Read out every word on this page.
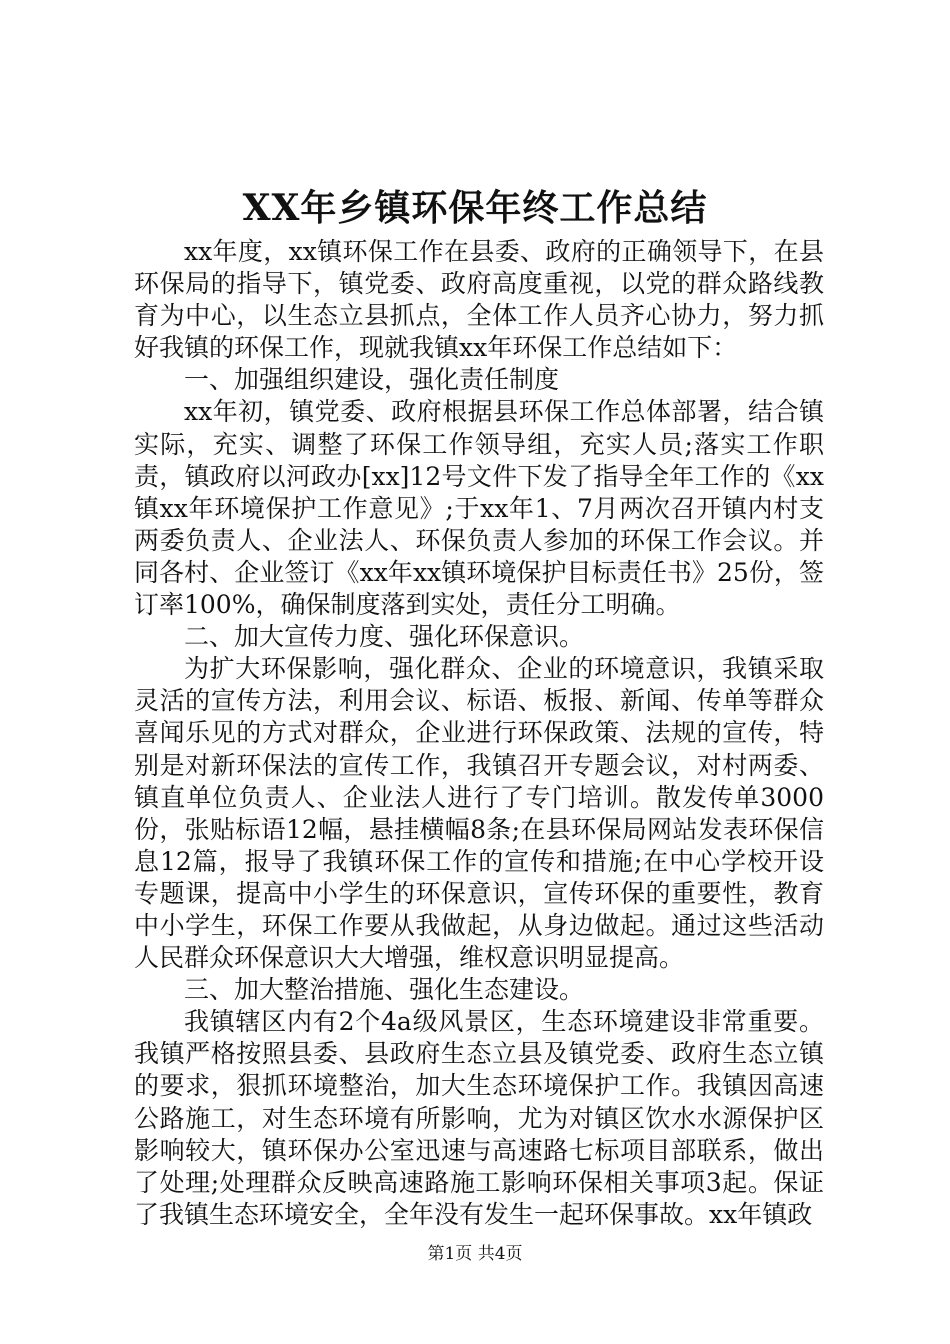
XX年乡镇环保年终工作总结

xx年度，xx镇环保工作在县委、政府的正确领导下，在县环保局的指导下，镇党委、政府高度重视，以党的群众路线教育为中心，以生态立县抓点，全体工作人员齐心协力，努力抓好我镇的环保工作，现就我镇xx年环保工作总结如下：

一、加强组织建设，强化责任制度

xx年初，镇党委、政府根据县环保工作总体部署，结合镇实际，充实、调整了环保工作领导组，充实人员;落实工作职责，镇政府以河政办[xx]12号文件下发了指导全年工作的《xx镇xx年环境保护工作意见》;于xx年1、7月两次召开镇内村支两委负责人、企业法人、环保负责人参加的环保工作会议。并同各村、企业签订《xx年xx镇环境保护目标责任书》25份，签订率100%，确保制度落到实处，责任分工明确。

二、加大宣传力度、强化环保意识。

为扩大环保影响，强化群众、企业的环境意识，我镇采取灵活的宣传方法，利用会议、标语、板报、新闻、传单等群众喜闻乐见的方式对群众，企业进行环保政策、法规的宣传，特别是对新环保法的宣传工作，我镇召开专题会议，对村两委、镇直单位负责人、企业法人进行了专门培训。散发传单3000份，张贴标语12幅，悬挂横幅8条;在县环保局网站发表环保信息12篇，报导了我镇环保工作的宣传和措施;在中心学校开设专题课，提高中小学生的环保意识，宣传环保的重要性，教育中小学生，环保工作要从我做起，从身边做起。通过这些活动人民群众环保意识大大增强，维权意识明显提高。

三、加大整治措施、强化生态建设。

我镇辖区内有2个4a级风景区，生态环境建设非常重要。我镇严格按照县委、县政府生态立县及镇党委、政府生态立镇的要求，狠抓环境整治，加大生态环境保护工作。我镇因高速公路施工，对生态环境有所影响，尤为对镇区饮水水源保护区影响较大，镇环保办公室迅速与高速路七标项目部联系，做出了处理;处理群众反映高速路施工影响环保相关事项3起。保证了我镇生态环境安全，全年没有发生一起环保事故。xx年镇政

第1页 共4页
